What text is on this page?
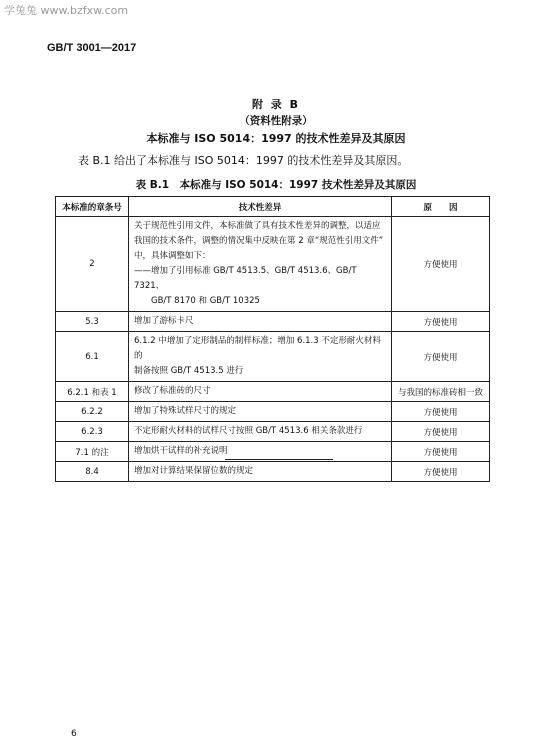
学兔兔 www.bzfxw.com
GB/T 3001—2017
附 录 B
（资料性附录）
本标准与 ISO 5014：1997 的技术性差异及其原因
表 B.1 给出了本标准与 ISO 5014：1997 的技术性差异及其原因。
表 B.1　本标准与 ISO 5014：1997 技术性差异及其原因
本标准的章条号	技术性差异	原　　因
2	关于规范性引用文件，本标准做了具有技术性差异的调整，以适应
我国的技术条件，调整的情况集中反映在第 2 章“规范性引用文件”
中，具体调整如下：
——增加了引用标准 GB/T 4513.5、GB/T 4513.6、GB/T 7321、
　　GB/T 8170 和 GB/T 10325	方便使用
5.3	增加了游标卡尺	方便使用
6.1	6.1.2 中增加了定形制品的制样标准；增加 6.1.3 不定形耐火材料的
制备按照 GB/T 4513.5 进行	方便使用
6.2.1 和表 1	修改了标准砖的尺寸	与我国的标准砖相一致
6.2.2	增加了特殊试样尺寸的规定	方便使用
6.2.3	不定形耐火材料的试样尺寸按照 GB/T 4513.6 相关条款进行	方便使用
7.1 的注	增加烘干试样的补充说明	方便使用
8.4	增加对计算结果保留位数的规定	方便使用
6
